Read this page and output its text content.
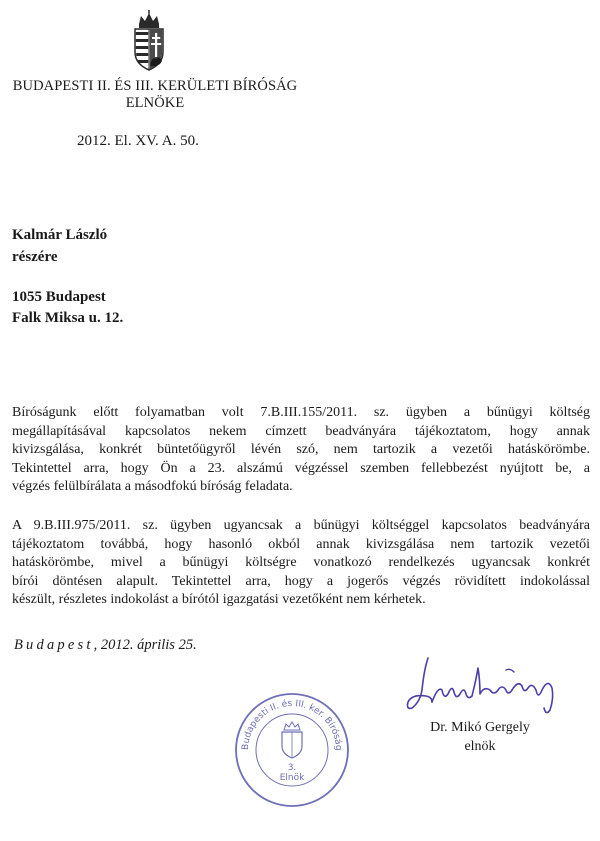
BUDAPESTI II. ÉS III. KERÜLETI BÍRÓSÁG
ELNÖKE
2012. El. XV. A. 50.
Kalmár László
részére
1055 Budapest
Falk Miksa u. 12.
Bíróságunk előtt folyamatban volt 7.B.III.155/2011. sz. ügyben a bűnügyi költség
megállapításával kapcsolatos nekem címzett beadványára tájékoztatom, hogy annak
kivizsgálása, konkrét büntetőügyről lévén szó, nem tartozik a vezetői hatáskörömbe.
Tekintettel arra, hogy Ön a 23. alszámú végzéssel szemben fellebbezést nyújtott be, a
végzés felülbírálata a másodfokú bíróság feladata.
A 9.B.III.975/2011. sz. ügyben ugyancsak a bűnügyi költséggel kapcsolatos beadványára
tájékoztatom továbbá, hogy hasonló okból annak kivizsgálása nem tartozik vezetői
hatáskörömbe, mivel a bűnügyi költségre vonatkozó rendelkezés ugyancsak konkrét
bírói döntésen alapult. Tekintettel arra, hogy a jogerős végzés rövidített indokolással
készült, részletes indokolást a bírótól igazgatási vezetőként nem kérhetek.
Budapest, 2012. április 25.
Dr. Mikó Gergely
elnök
Budapesti II. és III. ker. Bíróság
3.
Elnök
